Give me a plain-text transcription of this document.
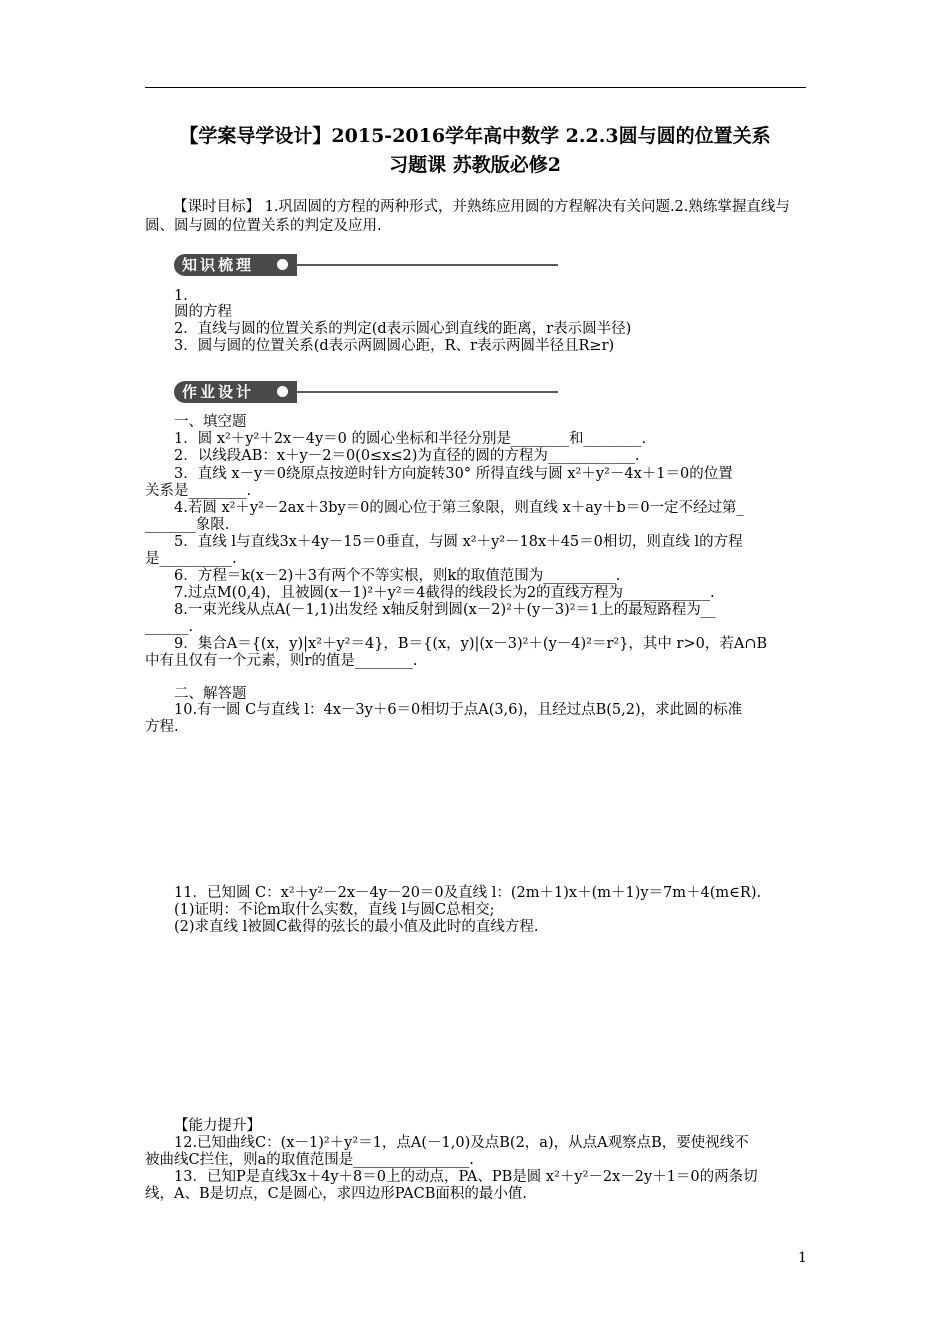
【学案导学设计】2015-2016学年高中数学 2.2.3圆与圆的位置关系
习题课 苏教版必修2
【课时目标】 1.巩固圆的方程的两种形式，并熟练应用圆的方程解决有关问题.2.熟练掌握直线与圆、圆与圆的位置关系的判定及应用.
知识梳理
1.
圆的方程
2．直线与圆的位置关系的判定(d表示圆心到直线的距离，r表示圆半径)
3．圆与圆的位置关系(d表示两圆圆心距，R、r表示两圆半径且R≥r)
作业设计
一、填空题
1．圆 x²＋y²＋2x－4y＝0 的圆心坐标和半径分别是________和________.
2．以线段AB：x＋y－2＝0(0≤x≤2)为直径的圆的方程为____________.
3．直线 x－y＝0绕原点按逆时针方向旋转30° 所得直线与圆 x²＋y²－4x＋1＝0的位置
关系是________.
4.若圆 x²＋y²－2ax＋3by＝0的圆心位于第三象限，则直线 x＋ay＋b＝0一定不经过第_
_______象限.
5．直线 l与直线3x＋4y－15＝0垂直，与圆 x²＋y²－18x＋45＝0相切，则直线 l的方程
是__________.
6．方程＝k(x－2)＋3有两个不等实根，则k的取值范围为__________.
7.过点M(0,4)，且被圆(x－1)²＋y²＝4截得的线段长为2的直线方程为____________.
8.一束光线从点A(－1,1)出发经 x轴反射到圆(x－2)²＋(y－3)²＝1上的最短路程为__
______.
9．集合A＝{(x，y)|x²＋y²＝4}，B＝{(x，y)|(x－3)²＋(y－4)²＝r²}，其中 r>0，若A∩B
中有且仅有一个元素，则r的值是________.
二、解答题
10.有一圆 C与直线 l：4x－3y＋6＝0相切于点A(3,6)，且经过点B(5,2)，求此圆的标准
方程.
11．已知圆 C：x²＋y²－2x－4y－20＝0及直线 l：(2m＋1)x＋(m＋1)y＝7m＋4(m∈R).
(1)证明：不论m取什么实数，直线 l与圆C总相交;
(2)求直线 l被圆C截得的弦长的最小值及此时的直线方程.
【能力提升】
12.已知曲线C：(x－1)²＋y²＝1，点A(－1,0)及点B(2，a)，从点A观察点B，要使视线不
被曲线C拦住，则a的取值范围是________________.
13．已知P是直线3x＋4y＋8＝0上的动点，PA、PB是圆 x²＋y²－2x－2y＋1＝0的两条切
线，A、B是切点，C是圆心，求四边形PACB面积的最小值.
1
